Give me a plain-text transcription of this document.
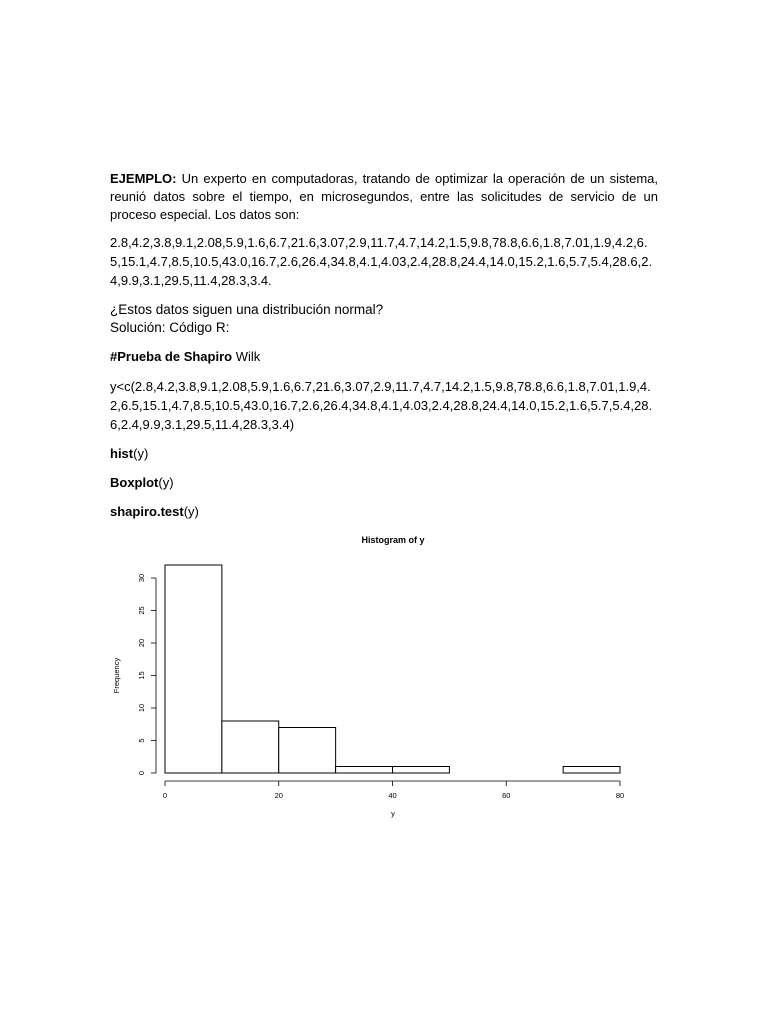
EJEMPLO: Un experto en computadoras, tratando de optimizar la operación de un sistema, reunió datos sobre el tiempo, en microsegundos, entre las solicitudes de servicio de un proceso especial. Los datos son:

2.8,4.2,3.8,9.1,2.08,5.9,1.6,6.7,21.6,3.07,2.9,11.7,4.7,14.2,1.5,9.8,78.8,6.6,1.8,7.01,1.9,4.2,6.5,15.1,4.7,8.5,10.5,43.0,16.7,2.6,26.4,34.8,4.1,4.03,2.4,28.8,24.4,14.0,15.2,1.6,5.7,5.4,28.6,2.4,9.9,3.1,29.5,11.4,28.3,3.4.

¿Estos datos siguen una distribución normal?

Solución: Código R:

#Prueba de Shapiro Wilk

y<c(2.8,4.2,3.8,9.1,2.08,5.9,1.6,6.7,21.6,3.07,2.9,11.7,4.7,14.2,1.5,9.8,78.8,6.6,1.8,7.01,1.9,4.2,6.5,15.1,4.7,8.5,10.5,43.0,16.7,2.6,26.4,34.8,4.1,4.03,2.4,28.8,24.4,14.0,15.2,1.6,5.7,5.4,28.6,2.4,9.9,3.1,29.5,11.4,28.3,3.4)

hist(y)

Boxplot(y)

shapiro.test(y)

Histogram of y
Frequency
y
0	20	40	60	80
0
5
10
15
20
25
30
